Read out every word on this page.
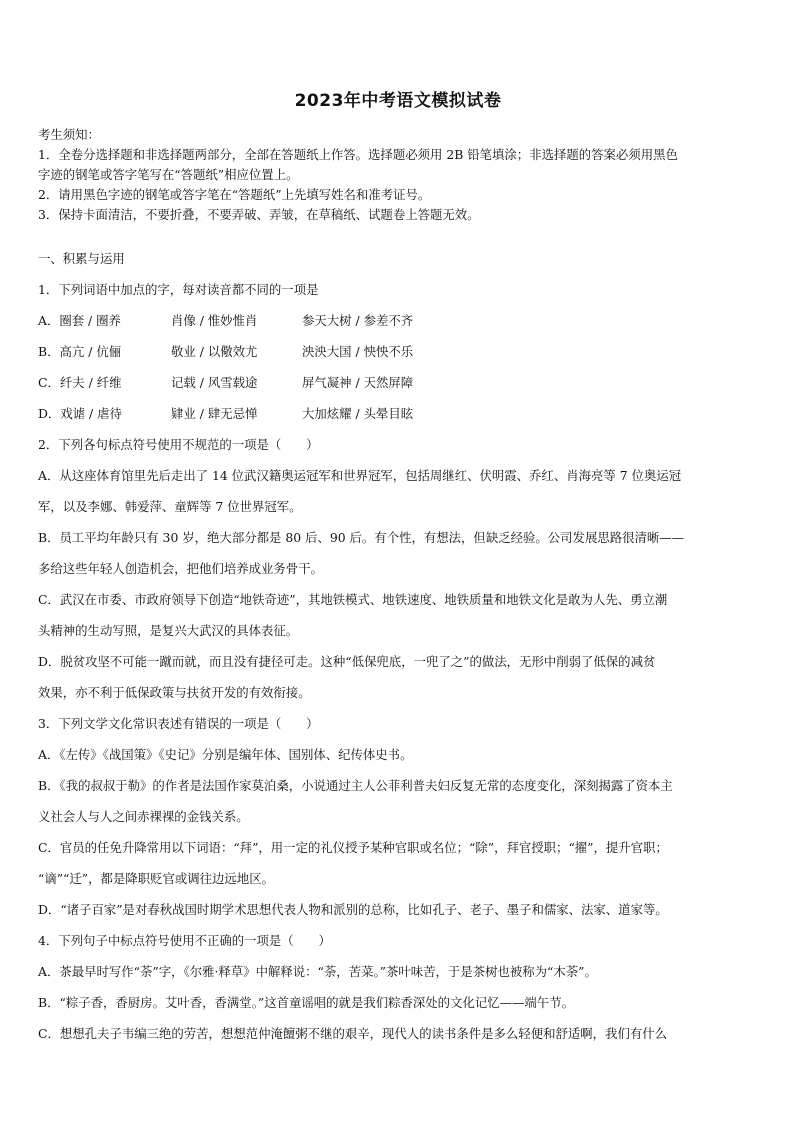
2023年中考语文模拟试卷
考生须知：
1．全卷分选择题和非选择题两部分，全部在答题纸上作答。选择题必须用 2B 铅笔填涂；非选择题的答案必须用黑色
字迹的钢笔或答字笔写在“答题纸”相应位置上。
2．请用黑色字迹的钢笔或答字笔在“答题纸”上先填写姓名和准考证号。
3．保持卡面清洁，不要折叠，不要弄破、弄皱，在草稿纸、试题卷上答题无效。
一、积累与运用
1．下列词语中加点的字，每对读音都不同的一项是
A．圈套 / 圈养	肖像 / 惟妙惟肖	参天大树 / 参差不齐
B．高亢 / 伉俪	敬业 / 以儆效尤	泱泱大国 / 怏怏不乐
C．纤夫 / 纤维	记载 / 风雪载途	屏气凝神 / 天然屏障
D．戏谑 / 虐待	肄业 / 肆无忌惮	大加炫耀 / 头晕目眩
2．下列各句标点符号使用不规范的一项是（　　）
A．从这座体育馆里先后走出了 14 位武汉籍奥运冠军和世界冠军，包括周继红、伏明霞、乔红、肖海亮等 7 位奥运冠
军，以及李娜、韩爱萍、童辉等 7 位世界冠军。
B．员工平均年龄只有 30 岁，绝大部分都是 80 后、90 后。有个性，有想法，但缺乏经验。公司发展思路很清晰——
多给这些年轻人创造机会，把他们培养成业务骨干。
C．武汉在市委、市政府领导下创造“地铁奇迹”，其地铁模式、地铁速度、地铁质量和地铁文化是敢为人先、勇立潮
头精神的生动写照，是复兴大武汉的具体表征。
D．脱贫攻坚不可能一蹴而就，而且没有捷径可走。这种“低保兜底，一兜了之”的做法，无形中削弱了低保的减贫
效果，亦不利于低保政策与扶贫开发的有效衔接。
3．下列文学文化常识表述有错误的一项是（　　）
A．《左传》《战国策》《史记》分别是编年体、国别体、纪传体史书。
B．《我的叔叔于勒》的作者是法国作家莫泊桑，小说通过主人公菲利普夫妇反复无常的态度变化，深刻揭露了资本主
义社会人与人之间赤裸裸的金钱关系。
C．官员的任免升降常用以下词语：“拜”，用一定的礼仪授予某种官职或名位；“除”，拜官授职；“擢”，提升官职；
“谪”“迁”，都是降职贬官或调往边远地区。
D．“诸子百家”是对春秋战国时期学术思想代表人物和派别的总称，比如孔子、老子、墨子和儒家、法家、道家等。
4．下列句子中标点符号使用不正确的一项是（　　）
A．茶最早时写作“荼”字，《尔雅·释草》中解释说：“荼，苦菜。”茶叶味苦，于是茶树也被称为“木荼”。
B．“粽子香，香厨房。艾叶香，香满堂。”这首童谣唱的就是我们粽香深处的文化记忆——端午节。
C．想想孔夫子韦编三绝的劳苦，想想范仲淹饘粥不继的艰辛，现代人的读书条件是多么轻便和舒适啊，我们有什么
